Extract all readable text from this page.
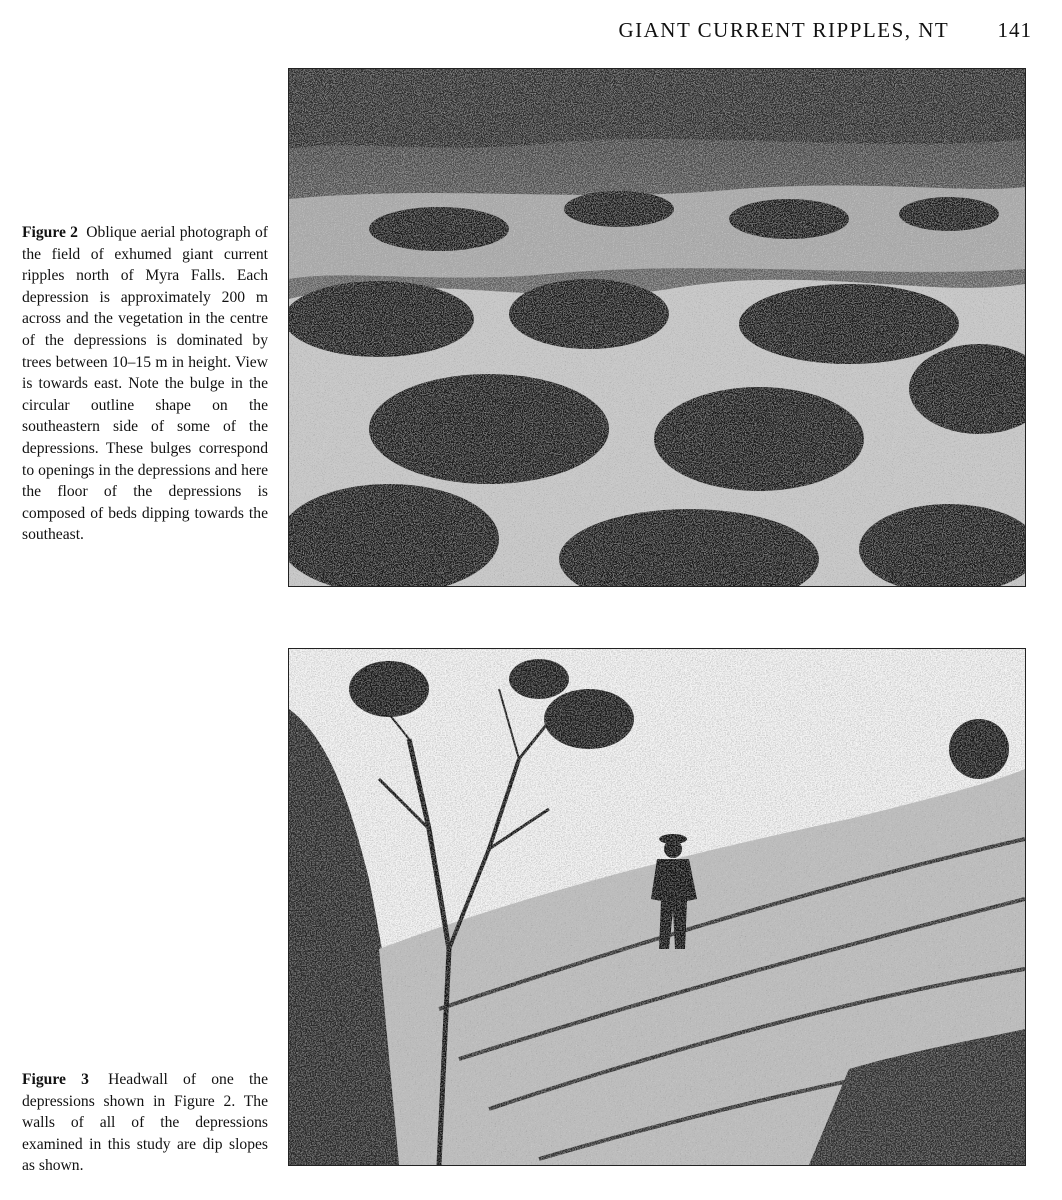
GIANT CURRENT RIPPLES, NT 141
Figure 2 Oblique aerial photograph of the field of exhumed giant current ripples north of Myra Falls. Each depression is approximately 200 m across and the vegetation in the centre of the depressions is dominated by trees between 10–15 m in height. View is towards east. Note the bulge in the circular outline shape on the southeastern side of some of the depressions. These bulges correspond to openings in the depressions and here the floor of the depressions is composed of beds dipping towards the southeast.
Figure 3 Headwall of one the depressions shown in Figure 2. The walls of all of the depressions examined in this study are dip slopes as shown.
